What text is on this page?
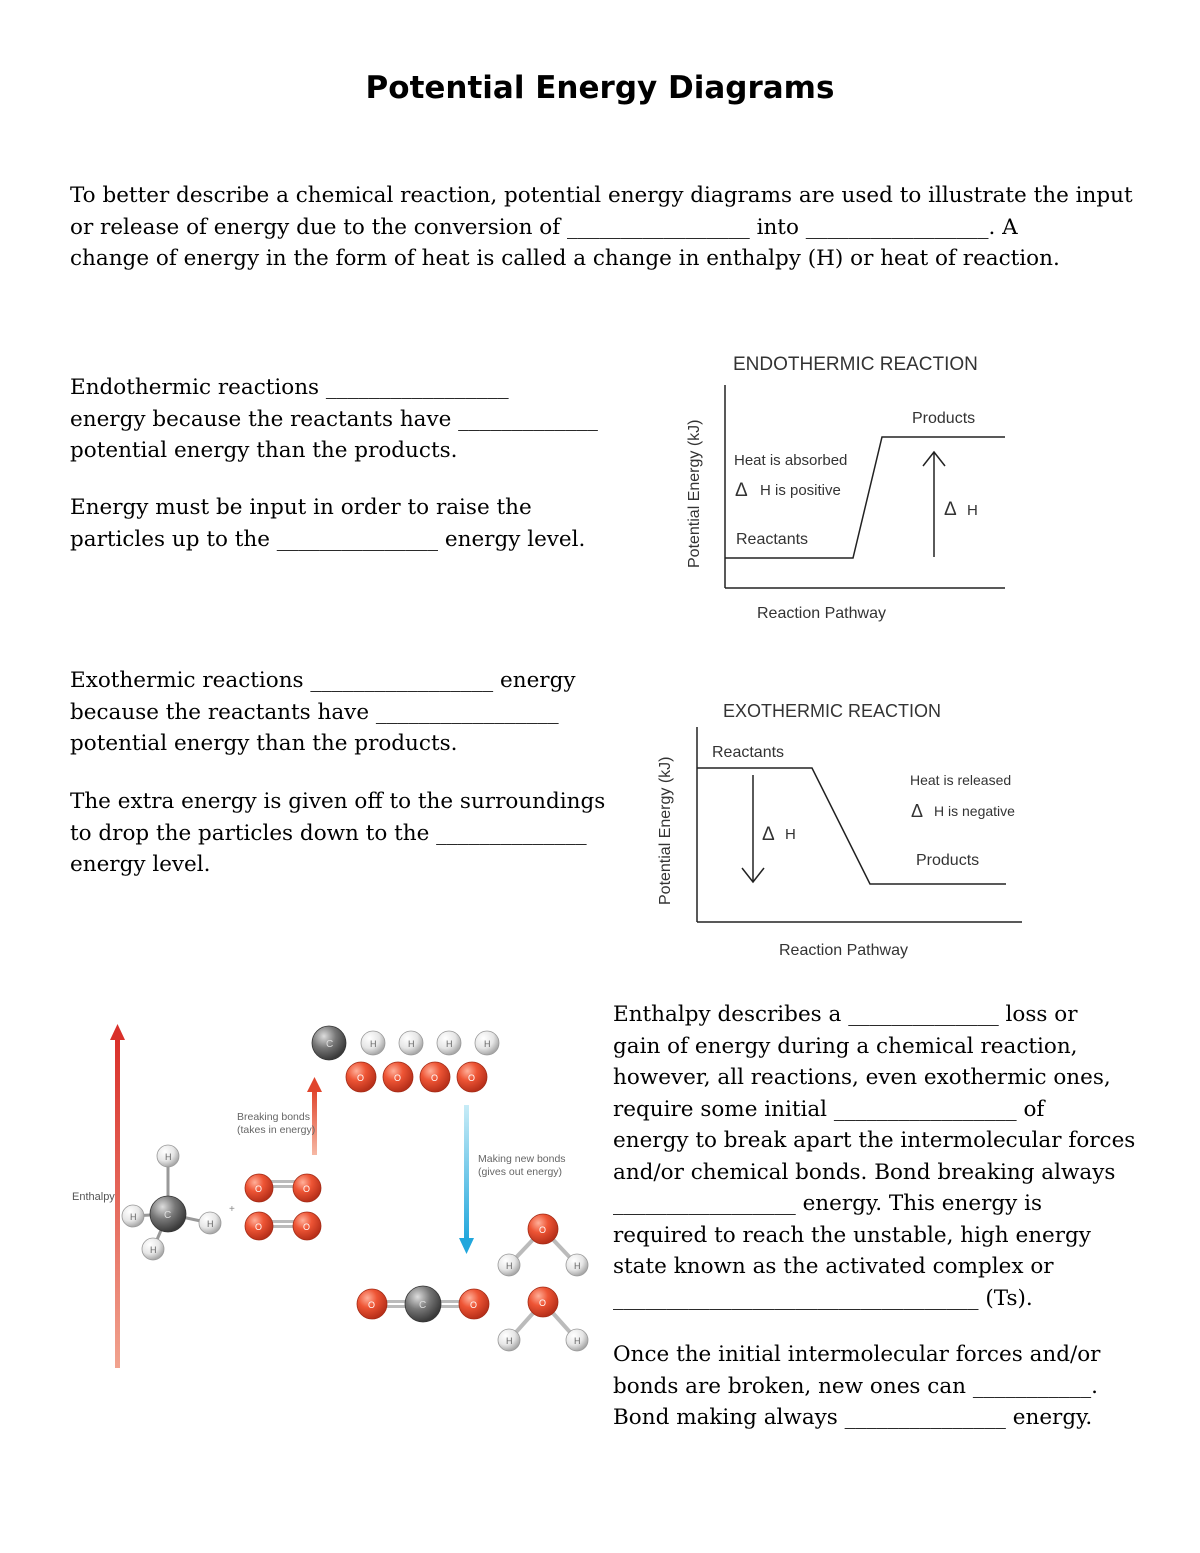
Potential Energy Diagrams
To better describe a chemical reaction, potential energy diagrams are used to illustrate the input
or release of energy due to the conversion of _________________ into _________________. A
change of energy in the form of heat is called a change in enthalpy (H) or heat of reaction.
Endothermic reactions _________________
energy because the reactants have _____________
potential energy than the products.
Energy must be input in order to raise the
particles up to the _______________ energy level.
Exothermic reactions _________________ energy
because the reactants have _________________
potential energy than the products.
The extra energy is given off to the surroundings
to drop the particles down to the ______________
energy level.
Enthalpy describes a ______________ loss or
gain of energy during a chemical reaction,
however, all reactions, even exothermic ones,
require some initial _________________ of
energy to break apart the intermolecular forces
and/or chemical bonds. Bond breaking always
_________________ energy. This energy is
required to reach the unstable, high energy
state known as the activated complex or
__________________________________ (Ts).
Once the initial intermolecular forces and/or
bonds are broken, new ones can ___________.
Bond making always _______________ energy.
ENDOTHERMIC REACTION
Potential Energy (kJ)
Products
Heat is absorbed
Δ H is positive
Reactants
Δ H
Reaction Pathway
EXOTHERMIC REACTION
Potential Energy (kJ)
Reactants
Heat is released
Δ H is negative
Products
Δ H
Reaction Pathway
Enthalpy
Breaking bonds
(takes in energy)
Making new bonds
(gives out energy)
C	H	H	H	H
O	O	O	O
H
H
H
H
C
+
O	O
O	O
O	O
C
H	H
O
H	H
O
